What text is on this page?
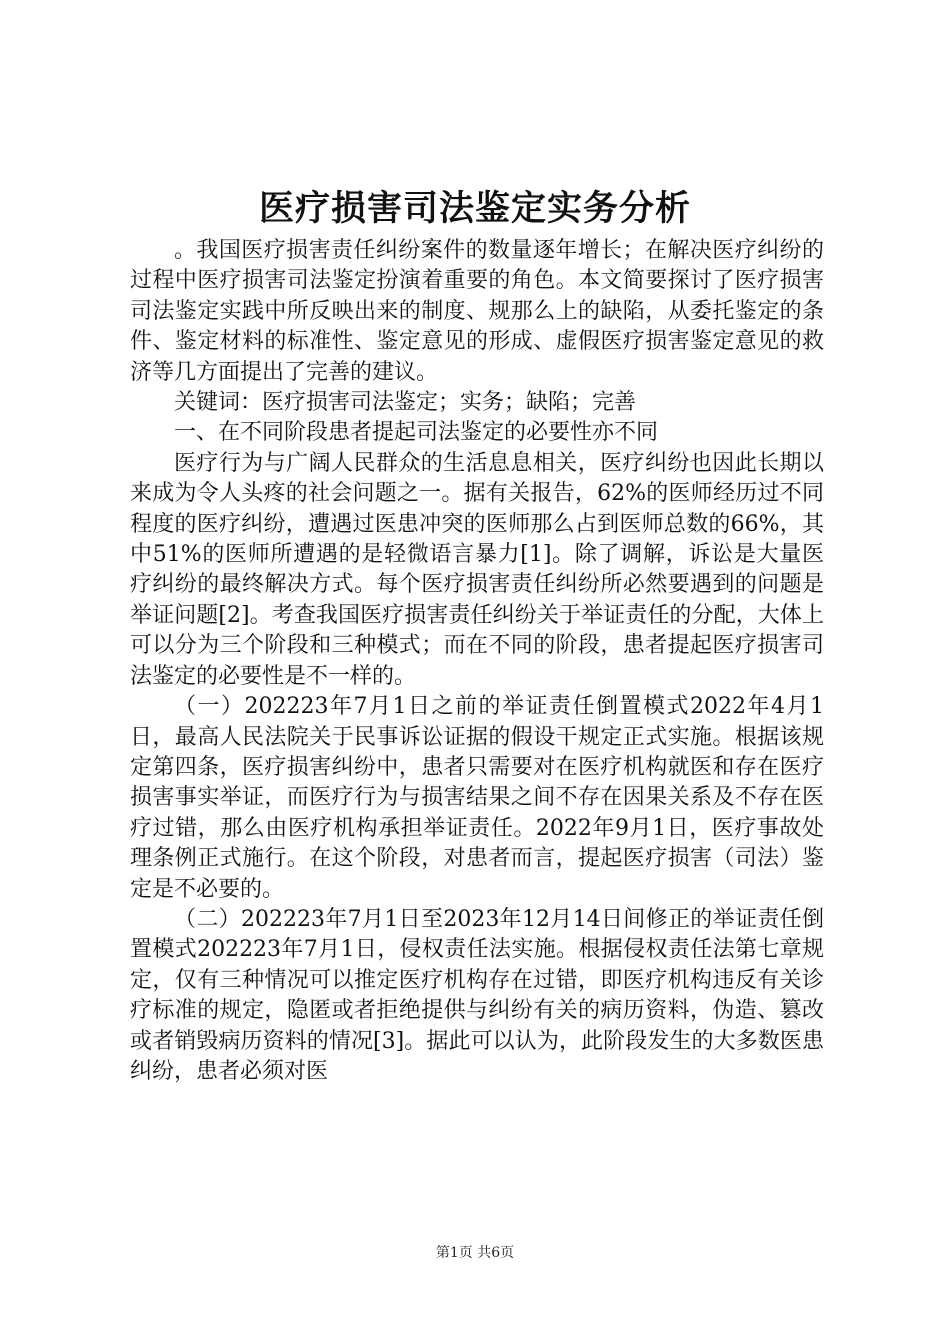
医疗损害司法鉴定实务分析

。我国医疗损害责任纠纷案件的数量逐年增长；在解决医疗纠纷的过程中医疗损害司法鉴定扮演着重要的角色。本文简要探讨了医疗损害司法鉴定实践中所反映出来的制度、规那么上的缺陷，从委托鉴定的条件、鉴定材料的标准性、鉴定意见的形成、虚假医疗损害鉴定意见的救济等几方面提出了完善的建议。

关键词：医疗损害司法鉴定；实务；缺陷；完善

一、在不同阶段患者提起司法鉴定的必要性亦不同

医疗行为与广阔人民群众的生活息息相关，医疗纠纷也因此长期以来成为令人头疼的社会问题之一。据有关报告，62%的医师经历过不同程度的医疗纠纷，遭遇过医患冲突的医师那么占到医师总数的66%，其中51%的医师所遭遇的是轻微语言暴力[1]。除了调解，诉讼是大量医疗纠纷的最终解决方式。每个医疗损害责任纠纷所必然要遇到的问题是举证问题[2]。考查我国医疗损害责任纠纷关于举证责任的分配，大体上可以分为三个阶段和三种模式；而在不同的阶段，患者提起医疗损害司法鉴定的必要性是不一样的。

（一）202223年7月1日之前的举证责任倒置模式2022年4月1日，最高人民法院关于民事诉讼证据的假设干规定正式实施。根据该规定第四条，医疗损害纠纷中，患者只需要对在医疗机构就医和存在医疗损害事实举证，而医疗行为与损害结果之间不存在因果关系及不存在医疗过错，那么由医疗机构承担举证责任。2022年9月1日，医疗事故处理条例正式施行。在这个阶段，对患者而言，提起医疗损害（司法）鉴定是不必要的。

（二）202223年7月1日至2023年12月14日间修正的举证责任倒置模式202223年7月1日，侵权责任法实施。根据侵权责任法第七章规定，仅有三种情况可以推定医疗机构存在过错，即医疗机构违反有关诊疗标准的规定，隐匿或者拒绝提供与纠纷有关的病历资料，伪造、篡改或者销毁病历资料的情况[3]。据此可以认为，此阶段发生的大多数医患纠纷，患者必须对医

第1页 共6页
